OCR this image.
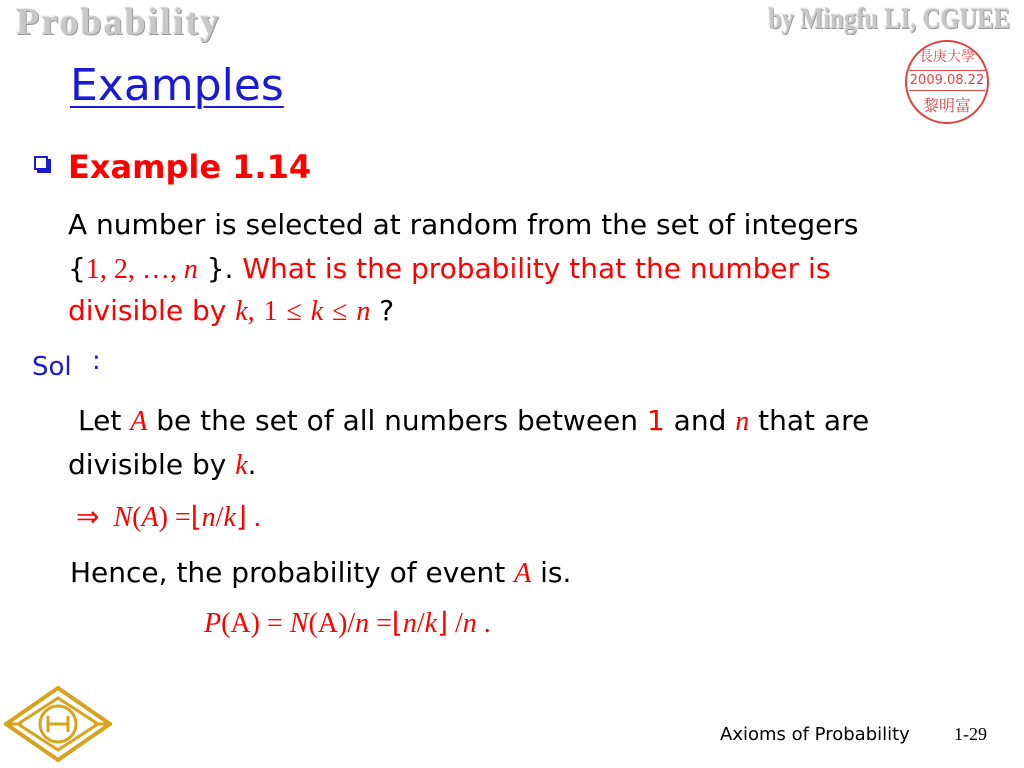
Probability	by Mingfu LI, CGUEE
長庚大學
2009.08.22
黎明富
Examples
Example 1.14
A number is selected at random from the set of integers
{1, 2, …, n }. What is the probability that the number is
divisible by k, 1 ≤ k ≤ n ?
Sol :
Let A be the set of all numbers between 1 and n that are
divisible by k.
⇒ N(A) =⌊n/k⌋ .
Hence, the probability of event A is.
P(A) = N(A)/n =⌊n/k⌋ /n .
Axioms of Probability 1-29
